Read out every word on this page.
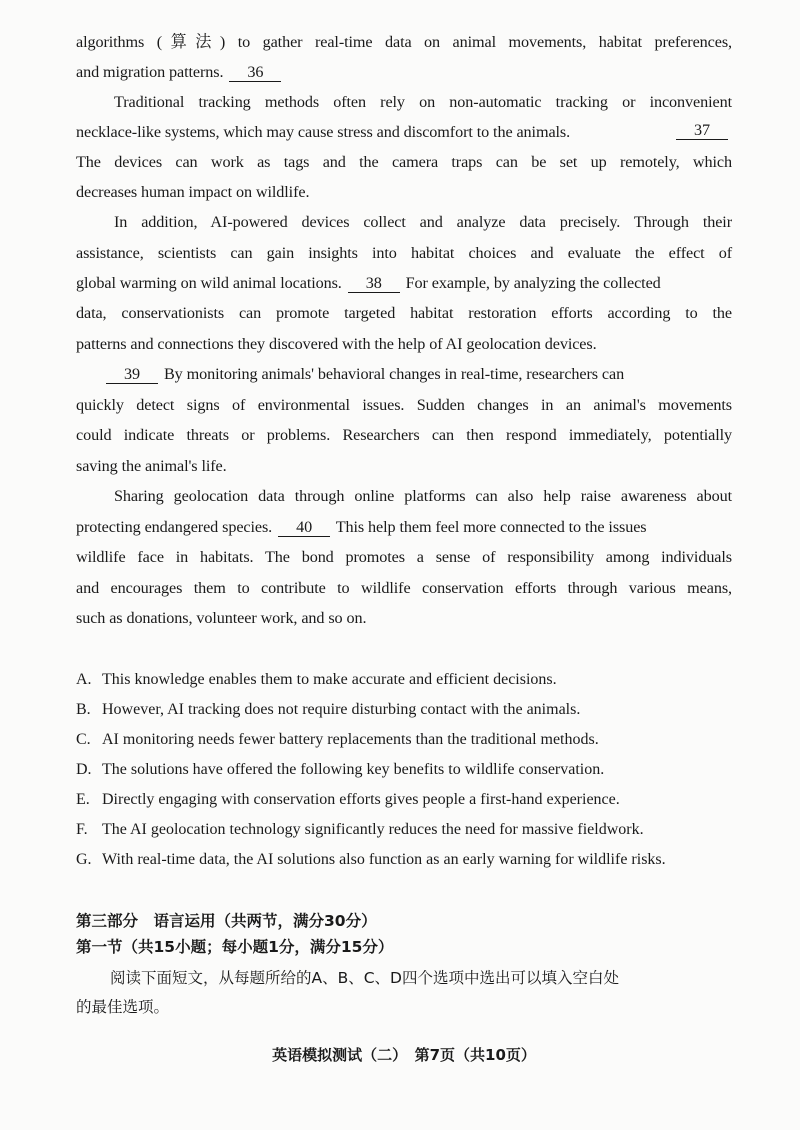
algorithms (算法) to gather real-time data on animal movements, habitat preferences,
and migration patterns. 36
Traditional tracking methods often rely on non-automatic tracking or inconvenient
necklace-like systems, which may cause stress and discomfort to the animals.	37
The devices can work as tags and the camera traps can be set up remotely, which
decreases human impact on wildlife.
In addition, AI-powered devices collect and analyze data precisely. Through their
assistance, scientists can gain insights into habitat choices and evaluate the effect of
global warming on wild animal locations. 38 For example, by analyzing the collected
data, conservationists can promote targeted habitat restoration efforts according to the
patterns and connections they discovered with the help of AI geolocation devices.
39 By monitoring animals' behavioral changes in real-time, researchers can
quickly detect signs of environmental issues. Sudden changes in an animal's movements
could indicate threats or problems. Researchers can then respond immediately, potentially
saving the animal's life.
Sharing geolocation data through online platforms can also help raise awareness about
protecting endangered species. 40 This help them feel more connected to the issues
wildlife face in habitats. The bond promotes a sense of responsibility among individuals
and encourages them to contribute to wildlife conservation efforts through various means,
such as donations, volunteer work, and so on.
A. This knowledge enables them to make accurate and efficient decisions.
B. However, AI tracking does not require disturbing contact with the animals.
C. AI monitoring needs fewer battery replacements than the traditional methods.
D. The solutions have offered the following key benefits to wildlife conservation.
E. Directly engaging with conservation efforts gives people a first-hand experience.
F. The AI geolocation technology significantly reduces the need for massive fieldwork.
G. With real-time data, the AI solutions also function as an early warning for wildlife risks.
第三部分　语言运用（共两节，满分30分）
第一节（共15小题；每小题1分，满分15分）
阅读下面短文，从每题所给的A、B、C、D四个选项中选出可以填入空白处
的最佳选项。
英语模拟测试（二）　第7页（共10页）
